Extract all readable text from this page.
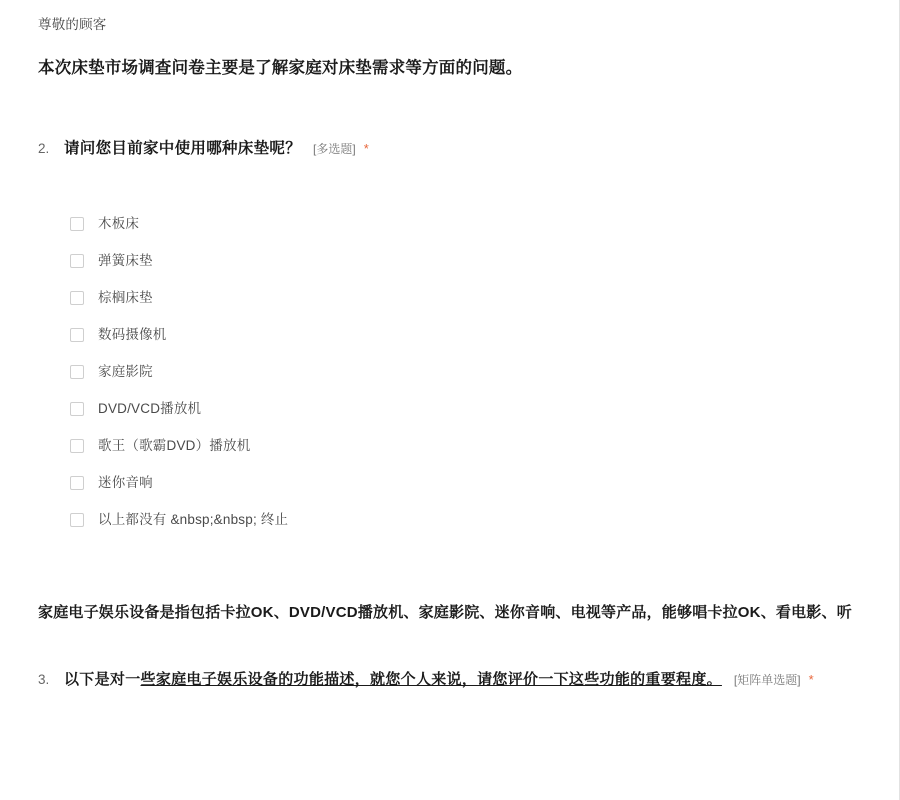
尊敬的顾客
本次床垫市场调查问卷主要是了解家庭对床垫需求等方面的问题。
2. 请问您目前家中使用哪种床垫呢？ [多选题] *
木板床
弹簧床垫
棕榈床垫
数码摄像机
家庭影院
DVD/VCD播放机
歌王（歌霸DVD）播放机
迷你音响
以上都没有 &nbsp;&nbsp; 终止
家庭电子娱乐设备是指包括卡拉OK、DVD/VCD播放机、家庭影院、迷你音响、电视等产品，能够唱卡拉OK、看电影、听
3. 以下是对一 些家庭电子娱乐设备的功能描述，就您个人来说，请您评价一下这些功能的重要程度。 [矩阵单选题] *
